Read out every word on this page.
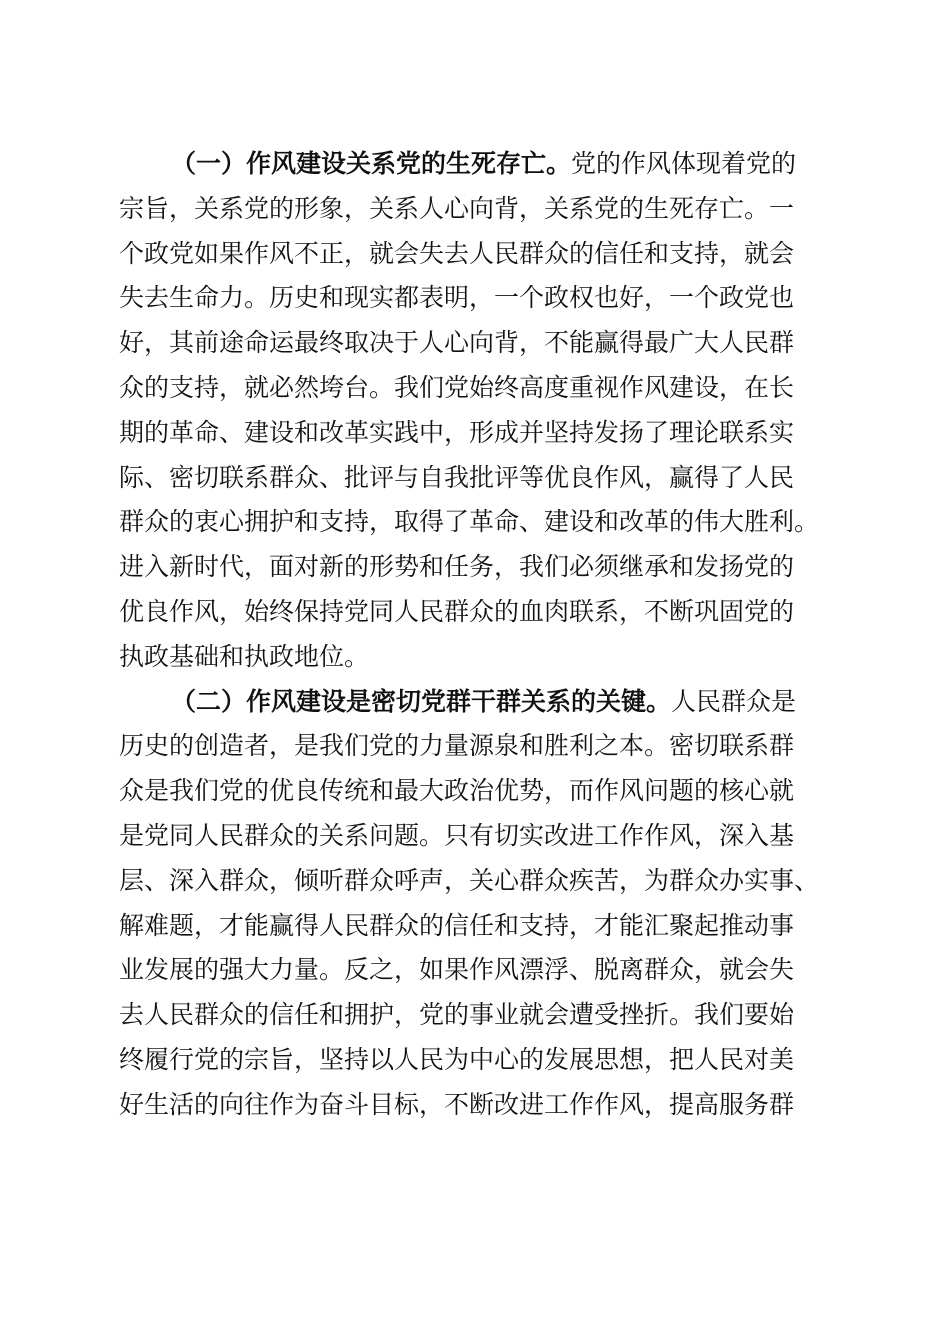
（一）作风建设关系党的生死存亡。党的作风体现着党的
宗旨，关系党的形象，关系人心向背，关系党的生死存亡。一
个政党如果作风不正，就会失去人民群众的信任和支持，就会
失去生命力。历史和现实都表明，一个政权也好，一个政党也
好，其前途命运最终取决于人心向背，不能赢得最广大人民群
众的支持，就必然垮台。我们党始终高度重视作风建设，在长
期的革命、建设和改革实践中，形成并坚持发扬了理论联系实
际、密切联系群众、批评与自我批评等优良作风，赢得了人民
群众的衷心拥护和支持，取得了革命、建设和改革的伟大胜利。
进入新时代，面对新的形势和任务，我们必须继承和发扬党的
优良作风，始终保持党同人民群众的血肉联系，不断巩固党的
执政基础和执政地位。
（二）作风建设是密切党群干群关系的关键。人民群众是
历史的创造者，是我们党的力量源泉和胜利之本。密切联系群
众是我们党的优良传统和最大政治优势，而作风问题的核心就
是党同人民群众的关系问题。只有切实改进工作作风，深入基
层、深入群众，倾听群众呼声，关心群众疾苦，为群众办实事、
解难题，才能赢得人民群众的信任和支持，才能汇聚起推动事
业发展的强大力量。反之，如果作风漂浮、脱离群众，就会失
去人民群众的信任和拥护，党的事业就会遭受挫折。我们要始
终履行党的宗旨，坚持以人民为中心的发展思想，把人民对美
好生活的向往作为奋斗目标，不断改进工作作风，提高服务群
